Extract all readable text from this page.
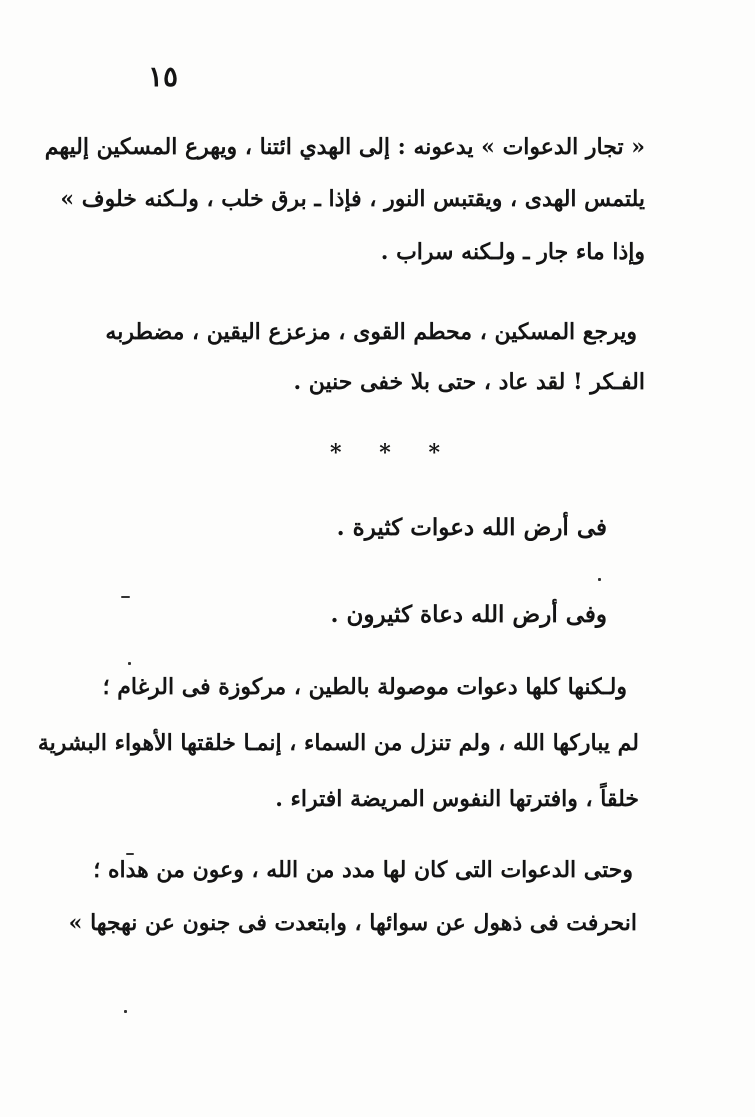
١٥
« تجار الدعوات » يدعونه : إلى الهدي ائتنا ، ويهرع المسكين إليهم
يلتمس الهدى ، ويقتبس النور ، فإذا ـ برق خلب ، ولـكنه خلوف »
وإذا ماء جار ـ ولـكنه سراب .
ويرجع المسكين ، محطم القوى ، مزعزع اليقين ، مضطربه
الفـكر ! لقد عاد ، حتى بلا خفى حنين .
* * *
فى أرض الله دعوات كثيرة .
وفى أرض الله دعاة كثيرون .
ولـكنها كلها دعوات موصولة بالطين ، مركوزة فى الرغام ؛
لم يباركها الله ، ولم تنزل من السماء ، إنمـا خلقتها الأهواء البشرية
خلقاً ، وافترتها النفوس المريضة افتراء .
وحتى الدعوات التى كان لها مدد من الله ، وعون من هداه ؛
انحرفت فى ذهول عن سوائها ، وابتعدت فى جنون عن نهجها »
